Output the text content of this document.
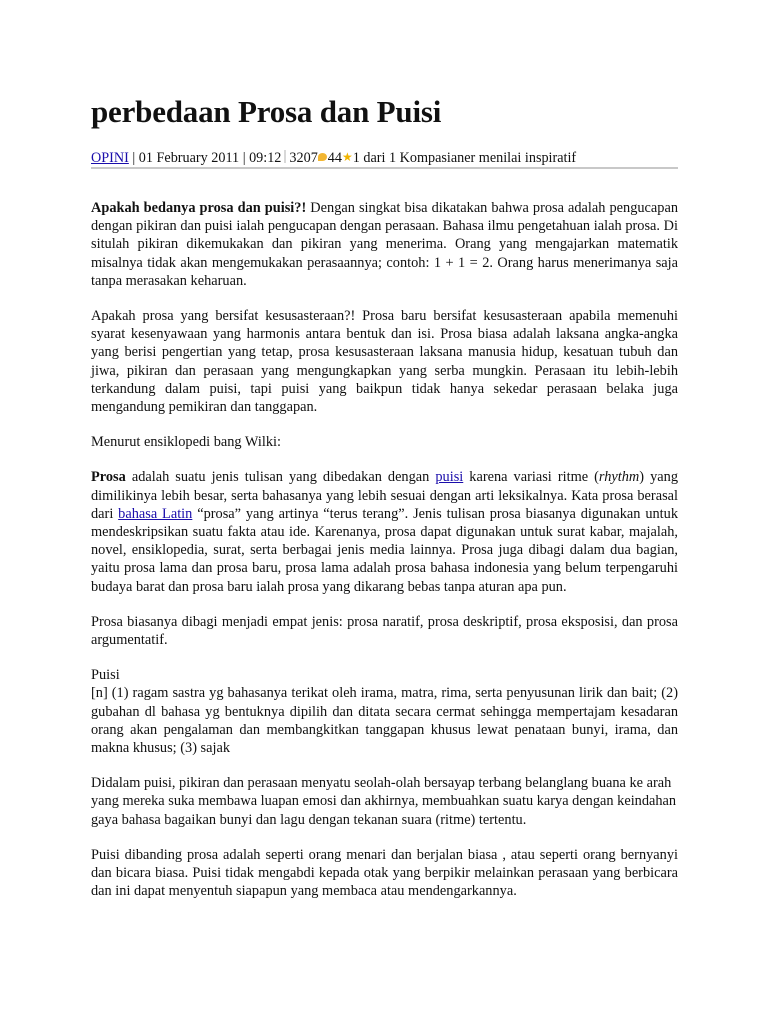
perbedaan Prosa dan Puisi
OPINI | 01 February 2011 | 09:12 3207 44★1 dari 1 Kompasianer menilai inspiratif

Apakah bedanya prosa dan puisi?! Dengan singkat bisa dikatakan bahwa prosa adalah pengucapan dengan pikiran dan puisi ialah pengucapan dengan perasaan. Bahasa ilmu pengetahuan ialah prosa. Di situlah pikiran dikemukakan dan pikiran yang menerima. Orang yang mengajarkan matematik misalnya tidak akan mengemukakan perasaannya; contoh: 1 + 1 = 2. Orang harus menerimanya saja tanpa merasakan keharuan.

Apakah prosa yang bersifat kesusasteraan?! Prosa baru bersifat kesusasteraan apabila memenuhi syarat kesenyawaan yang harmonis antara bentuk dan isi. Prosa biasa adalah laksana angka-angka yang berisi pengertian yang tetap, prosa kesusasteraan laksana manusia hidup, kesatuan tubuh dan jiwa, pikiran dan perasaan yang mengungkapkan yang serba mungkin. Perasaan itu lebih-lebih terkandung dalam puisi, tapi puisi yang baikpun tidak hanya sekedar perasaan belaka juga mengandung pemikiran dan tanggapan.

Menurut ensiklopedi bang Wilki:

Prosa adalah suatu jenis tulisan yang dibedakan dengan puisi karena variasi ritme (rhythm) yang dimilikinya lebih besar, serta bahasanya yang lebih sesuai dengan arti leksikalnya. Kata prosa berasal dari bahasa Latin “prosa” yang artinya “terus terang”. Jenis tulisan prosa biasanya digunakan untuk mendeskripsikan suatu fakta atau ide. Karenanya, prosa dapat digunakan untuk surat kabar, majalah, novel, ensiklopedia, surat, serta berbagai jenis media lainnya. Prosa juga dibagi dalam dua bagian, yaitu prosa lama dan prosa baru, prosa lama adalah prosa bahasa indonesia yang belum terpengaruhi budaya barat dan prosa baru ialah prosa yang dikarang bebas tanpa aturan apa pun.

Prosa biasanya dibagi menjadi empat jenis: prosa naratif, prosa deskriptif, prosa eksposisi, dan prosa argumentatif.

Puisi
[n] (1) ragam sastra yg bahasanya terikat oleh irama, matra, rima, serta penyusunan lirik dan bait; (2) gubahan dl bahasa yg bentuknya dipilih dan ditata secara cermat sehingga mempertajam kesadaran orang akan pengalaman dan membangkitkan tanggapan khusus lewat penataan bunyi, irama, dan makna khusus; (3) sajak

Didalam puisi, pikiran dan perasaan menyatu seolah-olah bersayap terbang belanglang buana ke arah yang mereka suka membawa luapan emosi dan akhirnya, membuahkan suatu karya dengan keindahan gaya bahasa bagaikan bunyi dan lagu dengan tekanan suara (ritme) tertentu.

Puisi dibanding prosa adalah seperti orang menari dan berjalan biasa , atau seperti orang bernyanyi dan bicara biasa. Puisi tidak mengabdi kepada otak yang berpikir melainkan perasaan yang berbicara dan ini dapat menyentuh siapapun yang membaca atau mendengarkannya.
